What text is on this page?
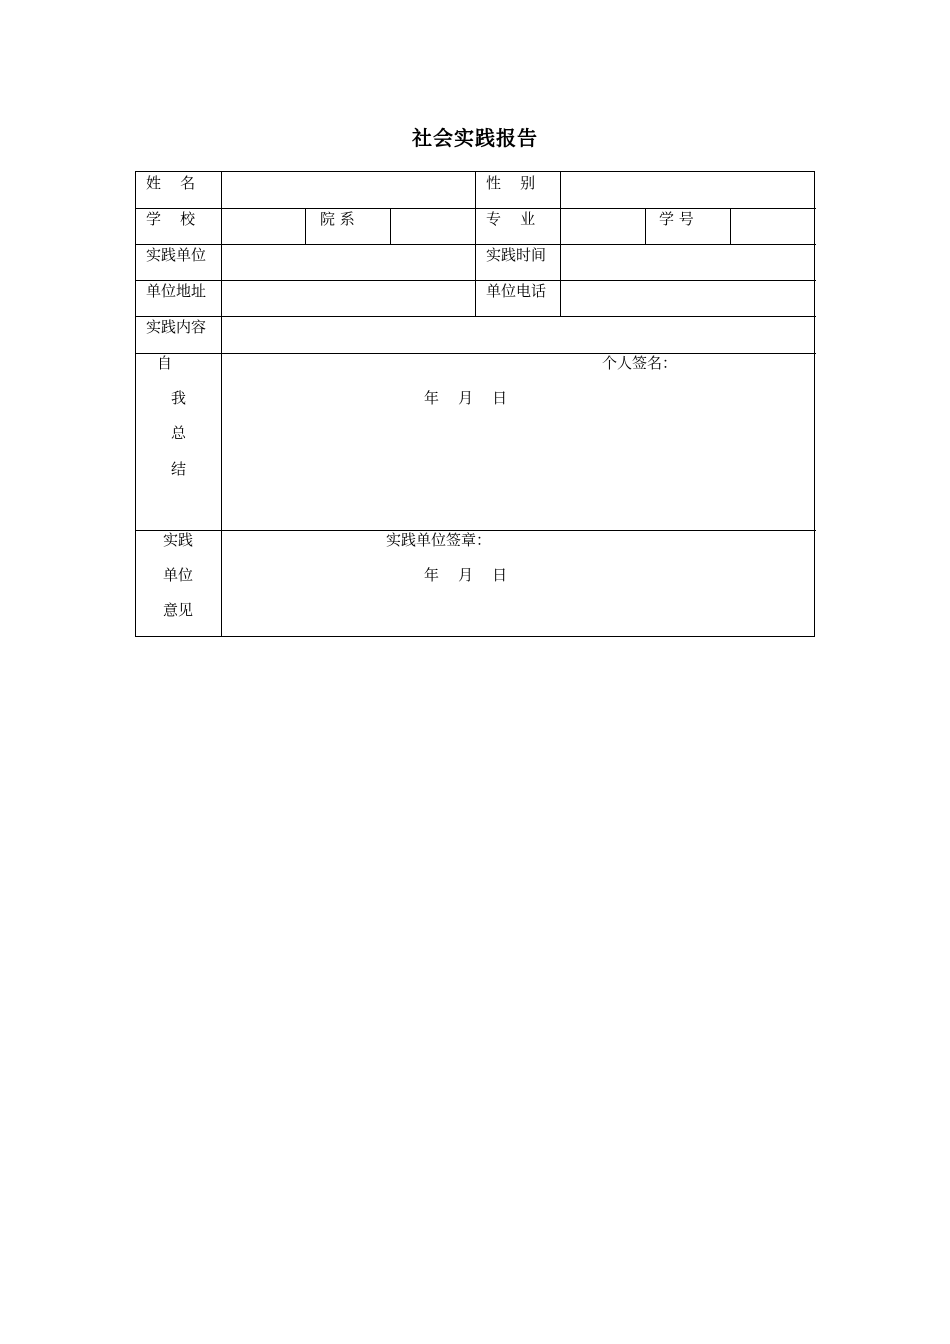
社会实践报告
姓    名	性    别
学    校	院 系	专    业	学 号
实践单位	实践时间
单位地址	单位电话
实践内容
自
我
总
结
个人签名：
年    月    日
实践
单位
意见
实践单位签章：
年    月    日
